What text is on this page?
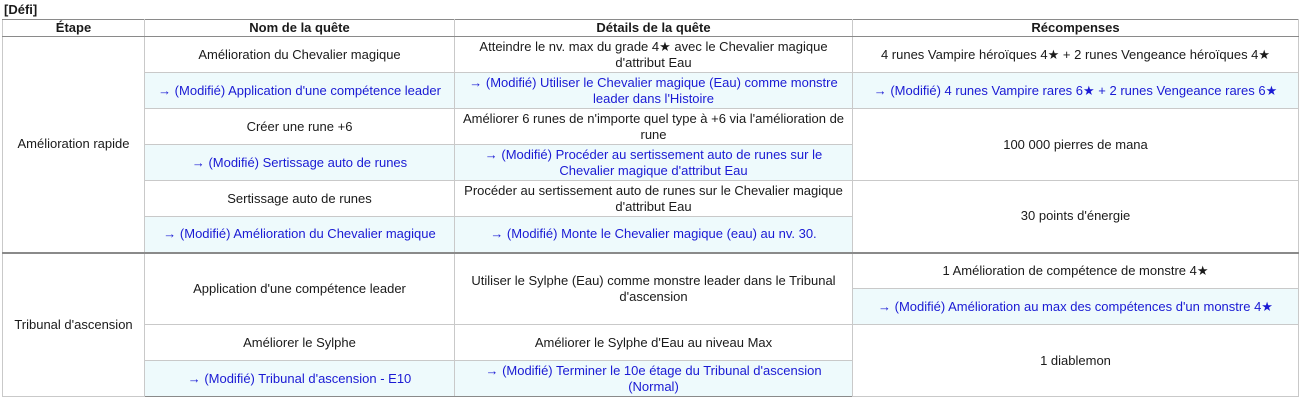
[Défi]
Étape	Nom de la quête	Détails de la quête	Récompenses
Amélioration rapide	Amélioration du Chevalier magique	Atteindre le nv. max du grade 4★ avec le Chevalier magique d'attribut Eau	4 runes Vampire héroïques 4★ + 2 runes Vengeance héroïques 4★
	→ (Modifié) Application d'une compétence leader	→ (Modifié) Utiliser le Chevalier magique (Eau) comme monstre leader dans l'Histoire	→ (Modifié) 4 runes Vampire rares 6★ + 2 runes Vengeance rares 6★
	Créer une rune +6	Améliorer 6 runes de n'importe quel type à +6 via l'amélioration de rune	100 000 pierres de mana
	→ (Modifié) Sertissage auto de runes	→ (Modifié) Procéder au sertissement auto de runes sur le Chevalier magique d'attribut Eau	
	Sertissage auto de runes	Procéder au sertissement auto de runes sur le Chevalier magique d'attribut Eau	30 points d'énergie
	→ (Modifié) Amélioration du Chevalier magique	→ (Modifié) Monte le Chevalier magique (eau) au nv. 30.	
Tribunal d'ascension	Application d'une compétence leader	Utiliser le Sylphe (Eau) comme monstre leader dans le Tribunal d'ascension	1 Amélioration de compétence de monstre 4★
			→ (Modifié) Amélioration au max des compétences d'un monstre 4★
	Améliorer le Sylphe	Améliorer le Sylphe d'Eau au niveau Max	1 diablemon
	→ (Modifié) Tribunal d'ascension - E10	→ (Modifié) Terminer le 10e étage du Tribunal d'ascension (Normal)	
